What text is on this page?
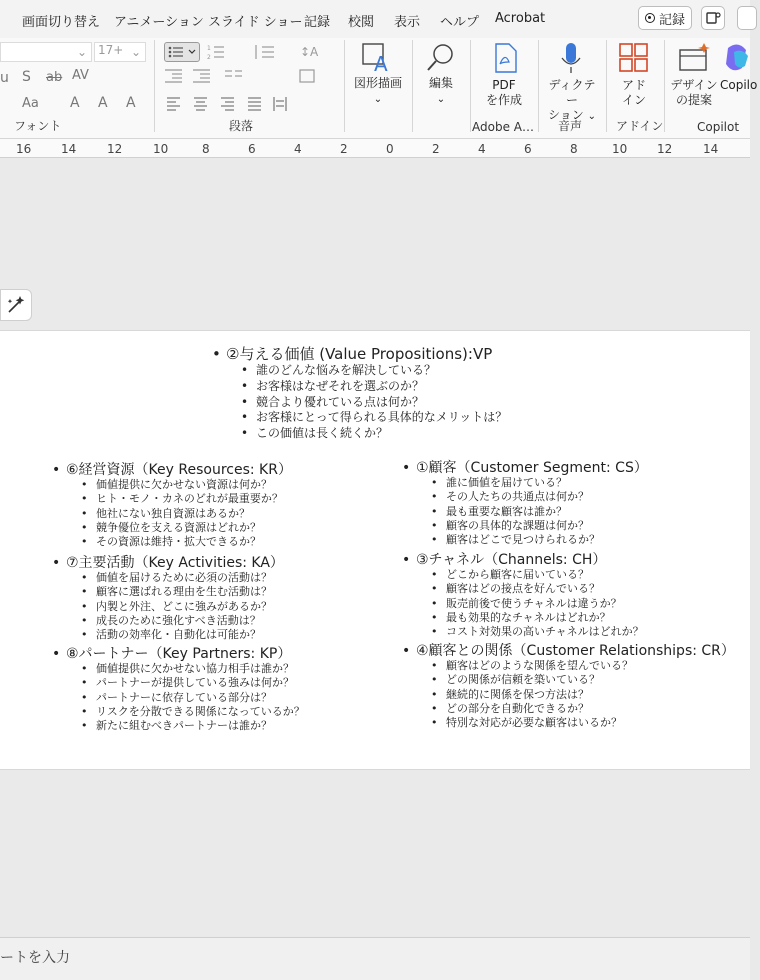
画面切り替え アニメーション スライド ショー 記録 校閲 表示 ヘルプ Acrobat	記録
⌄ 17+ ⌄
u S ab AV
Aa A A A
フォント
1
2	↕A
段落
A
図形描画
⌄
編集
⌄
PDF
を作成
Adobe A…
ディクテー
ション ⌄
音声
アド
イン
アドイン
デザイン
の提案
Copilo
Copilot
16 14	12	10	8	6	4	2	0	2	4	6	8	10 12	14
• ②与える価値 (Value Propositions):VP
• 誰のどんな悩みを解決している？
• お客様はなぜそれを選ぶのか？
• 競合より優れている点は何か？
• お客様にとって得られる具体的なメリットは？
• この価値は長く続くか？
• ⑥経営資源（Key Resources: KR）
• 価値提供に欠かせない資源は何か？
• ヒト・モノ・カネのどれが最重要か？
• 他社にない独自資源はあるか？
• 競争優位を支える資源はどれか？
• その資源は維持・拡大できるか？
• ⑦主要活動（Key Activities: KA）
• 価値を届けるために必須の活動は？
• 顧客に選ばれる理由を生む活動は？
• 内製と外注、どこに強みがあるか？
• 成長のために強化すべき活動は？
• 活動の効率化・自動化は可能か？
• ⑧パートナー（Key Partners: KP）
• 価値提供に欠かせない協力相手は誰か？
• パートナーが提供している強みは何か？
• パートナーに依存している部分は？
• リスクを分散できる関係になっているか？
• 新たに組むべきパートナーは誰か？
• ①顧客（Customer Segment: CS）
• 誰に価値を届けている？
• その人たちの共通点は何か？
• 最も重要な顧客は誰か？
• 顧客の具体的な課題は何か？
• 顧客はどこで見つけられるか？
• ③チャネル（Channels: CH）
• どこから顧客に届いている？
• 顧客はどの接点を好んでいる？
• 販売前後で使うチャネルは違うか？
• 最も効果的なチャネルはどれか？
• コスト対効果の高いチャネルはどれか？
• ④顧客との関係（Customer Relationships: CR）
• 顧客はどのような関係を望んでいる？
• どの関係が信頼を築いている？
• 継続的に関係を保つ方法は？
• どの部分を自動化できるか？
• 特別な対応が必要な顧客はいるか？
ートを入力
